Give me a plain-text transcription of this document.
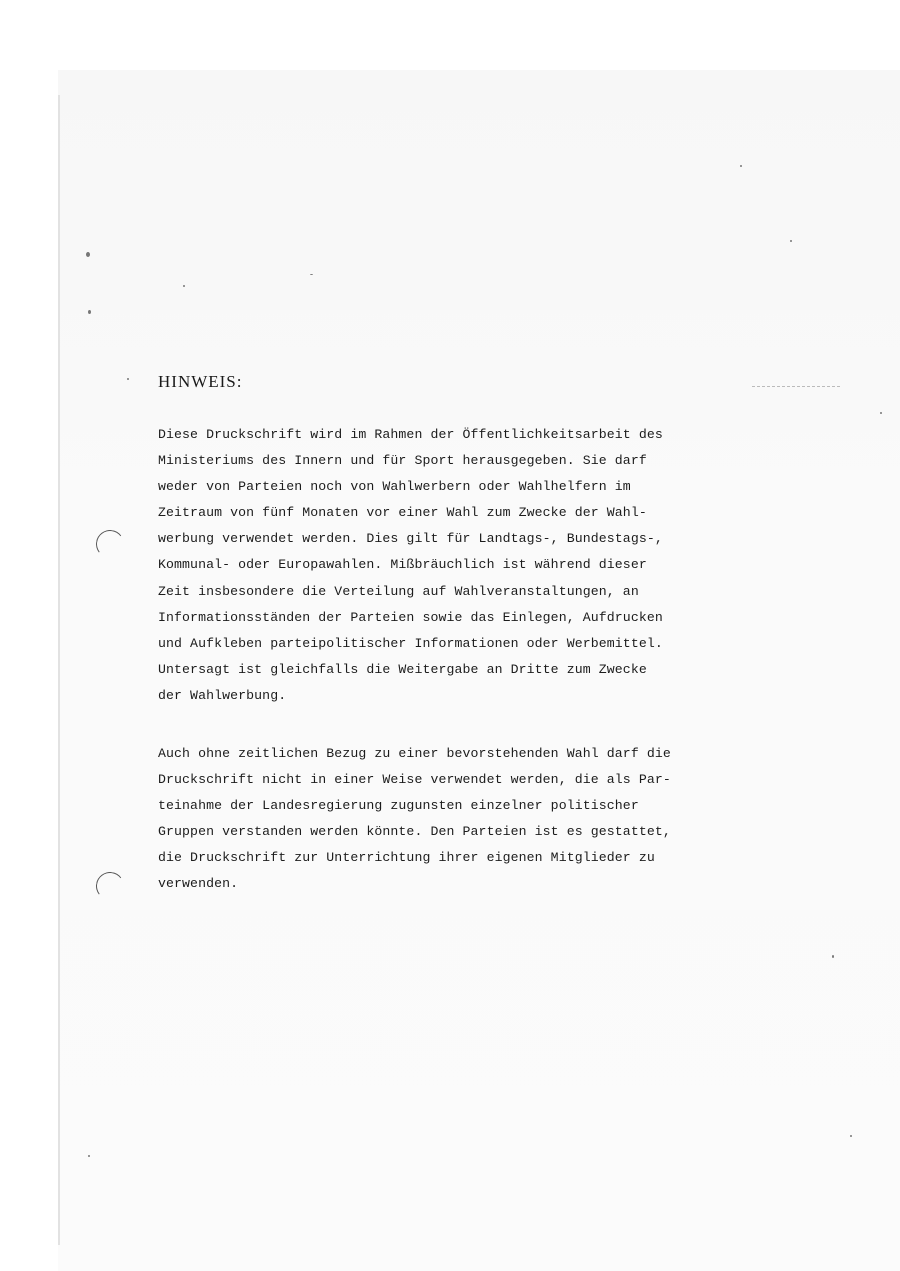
HINWEIS:

Diese Druckschrift wird im Rahmen der Öffentlichkeitsarbeit des
Ministeriums des Innern und für Sport herausgegeben. Sie darf
weder von Parteien noch von Wahlwerbern oder Wahlhelfern im
Zeitraum von fünf Monaten vor einer Wahl zum Zwecke der Wahl-
werbung verwendet werden. Dies gilt für Landtags-, Bundestags-,
Kommunal- oder Europawahlen. Mißbräuchlich ist während dieser
Zeit insbesondere die Verteilung auf Wahlveranstaltungen, an
Informationsständen der Parteien sowie das Einlegen, Aufdrucken
und Aufkleben parteipolitischer Informationen oder Werbemittel.
Untersagt ist gleichfalls die Weitergabe an Dritte zum Zwecke
der Wahlwerbung.

Auch ohne zeitlichen Bezug zu einer bevorstehenden Wahl darf die
Druckschrift nicht in einer Weise verwendet werden, die als Par-
teinahme der Landesregierung zugunsten einzelner politischer
Gruppen verstanden werden könnte. Den Parteien ist es gestattet,
die Druckschrift zur Unterrichtung ihrer eigenen Mitglieder zu
verwenden.
